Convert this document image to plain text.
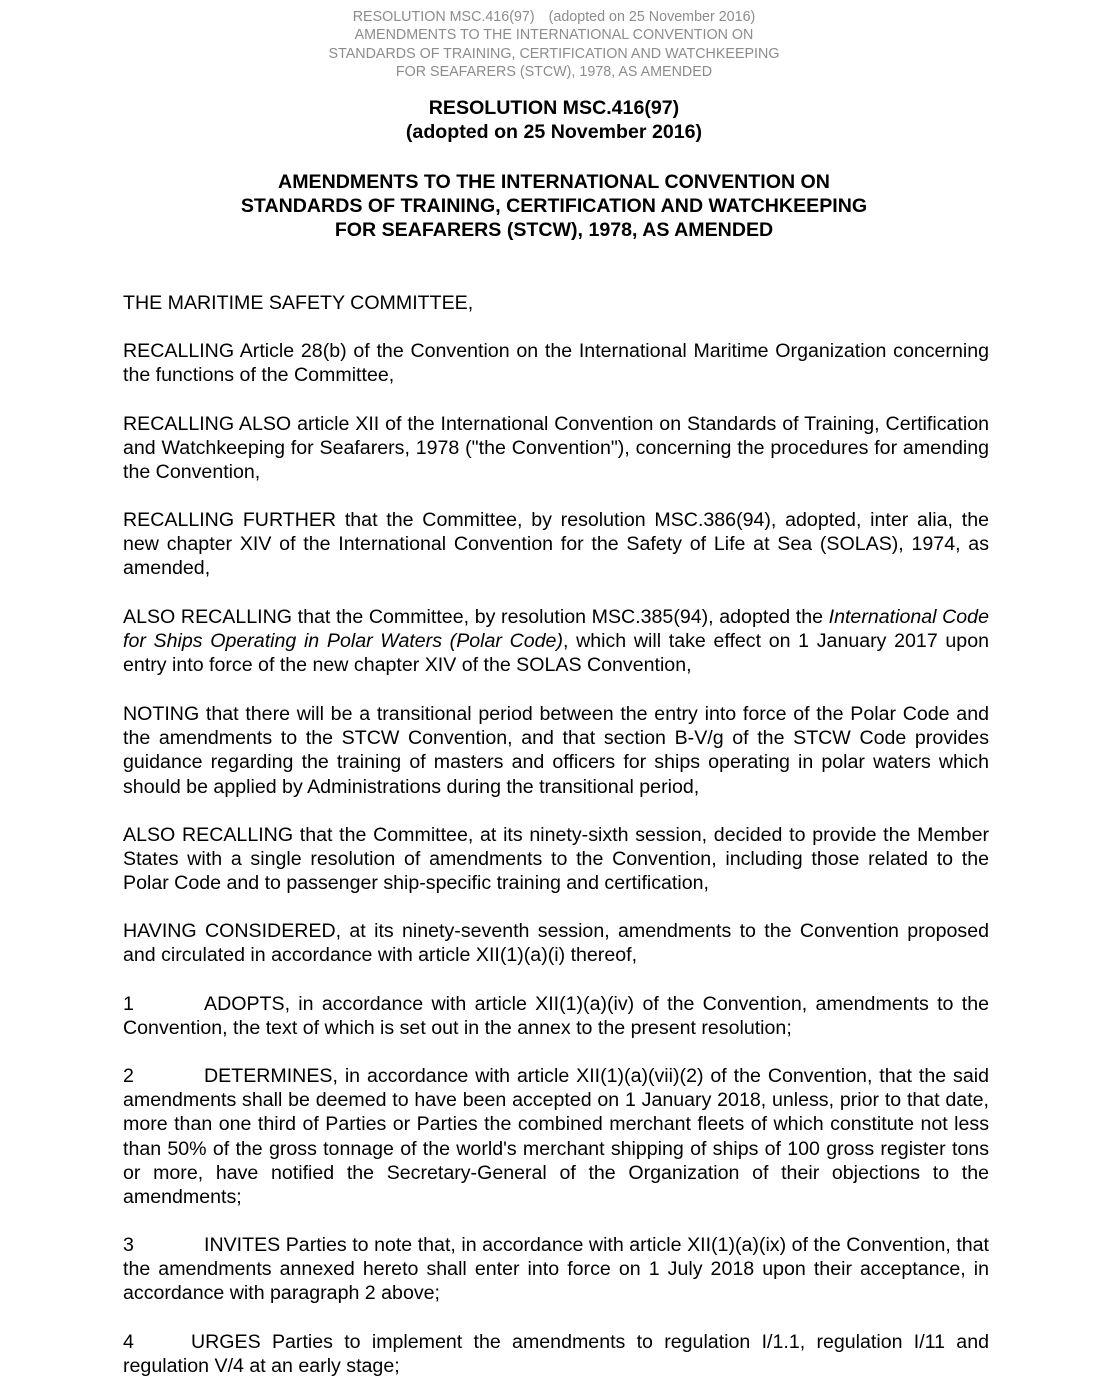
RESOLUTION MSC.416(97) (adopted on 25 November 2016)
AMENDMENTS TO THE INTERNATIONAL CONVENTION ON
STANDARDS OF TRAINING, CERTIFICATION AND WATCHKEEPING
FOR SEAFARERS (STCW), 1978, AS AMENDED
RESOLUTION MSC.416(97)
(adopted on 25 November 2016)
AMENDMENTS TO THE INTERNATIONAL CONVENTION ON
STANDARDS OF TRAINING, CERTIFICATION AND WATCHKEEPING
FOR SEAFARERS (STCW), 1978, AS AMENDED
THE MARITIME SAFETY COMMITTEE,
RECALLING Article 28(b) of the Convention on the International Maritime Organization concerning the functions of the Committee,
RECALLING ALSO article XII of the International Convention on Standards of Training, Certification and Watchkeeping for Seafarers, 1978 ("the Convention"), concerning the procedures for amending the Convention,
RECALLING FURTHER that the Committee, by resolution MSC.386(94), adopted, inter alia, the new chapter XIV of the International Convention for the Safety of Life at Sea (SOLAS), 1974, as amended,
ALSO RECALLING that the Committee, by resolution MSC.385(94), adopted the International Code for Ships Operating in Polar Waters (Polar Code), which will take effect on 1 January 2017 upon entry into force of the new chapter XIV of the SOLAS Convention,
NOTING that there will be a transitional period between the entry into force of the Polar Code and the amendments to the STCW Convention, and that section B-V/g of the STCW Code provides guidance regarding the training of masters and officers for ships operating in polar waters which should be applied by Administrations during the transitional period,
ALSO RECALLING that the Committee, at its ninety-sixth session, decided to provide the Member States with a single resolution of amendments to the Convention, including those related to the Polar Code and to passenger ship-specific training and certification,
HAVING CONSIDERED, at its ninety-seventh session, amendments to the Convention proposed and circulated in accordance with article XII(1)(a)(i) thereof,
1	ADOPTS, in accordance with article XII(1)(a)(iv) of the Convention, amendments to the Convention, the text of which is set out in the annex to the present resolution;
2	DETERMINES, in accordance with article XII(1)(a)(vii)(2) of the Convention, that the said amendments shall be deemed to have been accepted on 1 January 2018, unless, prior to that date, more than one third of Parties or Parties the combined merchant fleets of which constitute not less than 50% of the gross tonnage of the world's merchant shipping of ships of 100 gross register tons or more, have notified the Secretary-General of the Organization of their objections to the amendments;
3	INVITES Parties to note that, in accordance with article XII(1)(a)(ix) of the Convention, that the amendments annexed hereto shall enter into force on 1 July 2018 upon their acceptance, in accordance with paragraph 2 above;
4	URGES Parties to implement the amendments to regulation I/1.1, regulation I/11 and regulation V/4 at an early stage;
